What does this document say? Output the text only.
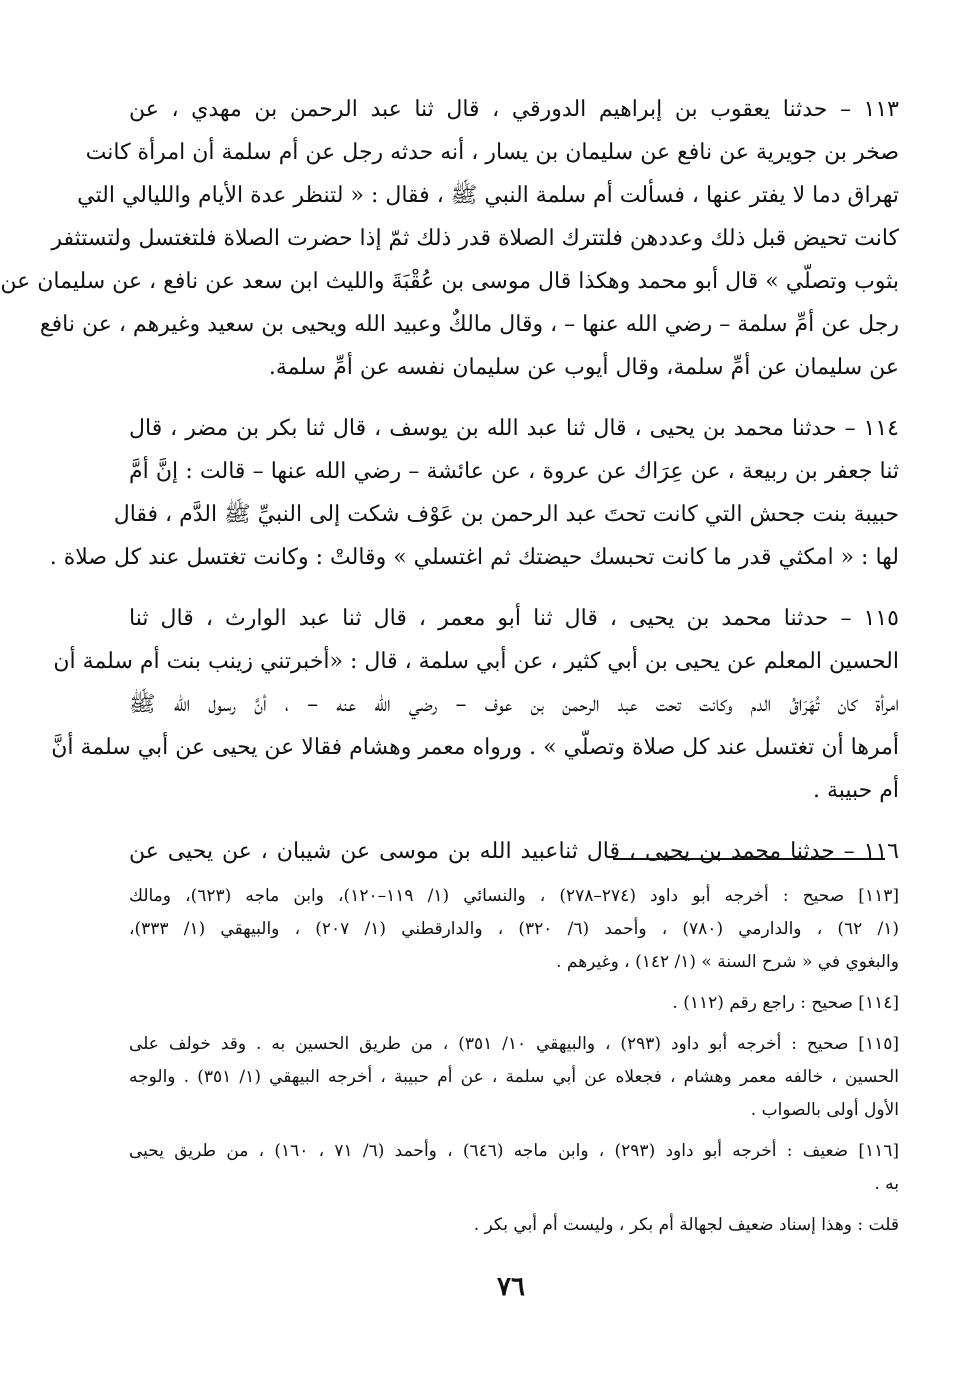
١١٣ – حدثنا يعقوب بن إبراهيم الدورقي ، قال ثنا عبد الرحمن بن مهدي ، عن
صخر بن جويرية عن نافع عن سليمان بن يسار ، أنه حدثه رجل عن أم سلمة أن امرأة كانت
تهراق دما لا يفتر عنها ، فسألت أم سلمة النبي ﷺ ، فقال : « لتنظر عدة الأيام والليالي التي
كانت تحيض قبل ذلك وعددهن فلتترك الصلاة قدر ذلك ثمّ إذا حضرت الصلاة فلتغتسل ولتستثفر
بثوب وتصلّي » قال أبو محمد وهكذا قال موسى بن عُقْبَةَ والليث ابن سعد عن نافع ، عن سليمان عن
رجل عن أمِّ سلمة – رضي الله عنها – ، وقال مالكٌ وعبيد الله ويحيى بن سعيد وغيرهم ، عن نافع
عن سليمان عن أمِّ سلمة، وقال أيوب عن سليمان نفسه عن أمِّ سلمة.
١١٤ – حدثنا محمد بن يحيى ، قال ثنا عبد الله بن يوسف ، قال ثنا بكر بن مضر ، قال
ثنا جعفر بن ربيعة ، عن عِرَاك عن عروة ، عن عائشة – رضي الله عنها – قالت : إنَّ أمَّ
حبيبة بنت جحش التي كانت تحتَ عبد الرحمن بن عَوْف شكت إلى النبيِّ ﷺ الدَّم ، فقال
لها : « امكثي قدر ما كانت تحبسك حيضتك ثم اغتسلي » وقالتْ : وكانت تغتسل عند كل صلاة .
١١٥ – حدثنا محمد بن يحيى ، قال ثنا أبو معمر ، قال ثنا عبد الوارث ، قال ثنا
الحسين المعلم عن يحيى بن أبي كثير ، عن أبي سلمة ، قال : «أخبرتني زينب بنت أم سلمة أن
امرأة كان تُهَرَاقُ الدم وكانت تحت عبد الرحمن بن عوف – رضي الله عنه – ، أنَّ رسول الله ﷺ
أمرها أن تغتسل عند كل صلاة وتصلّي » . ورواه معمر وهشام فقالا عن يحيى عن أبي سلمة أنَّ
أم حبيبة .
١١٦ – حدثنا محمد بن يحيى ، قال ثناعبيد الله بن موسى عن شيبان ، عن يحيى عن
[١١٣] صحيح : أخرجه أبو داود (٢٧٤–٢٧٨) ، والنسائي (١/ ١١٩–١٢٠)، وابن ماجه (٦٢٣)، ومالك
(١/ ٦٢) ، والدارمي (٧٨٠) ، وأحمد (٦/ ٣٢٠) ، والدارقطني (١/ ٢٠٧) ، والبيهقي (١/ ٣٣٣)،
والبغوي في « شرح السنة » (١/ ١٤٢) ، وغيرهم .
[١١٤] صحيح : راجع رقم (١١٢) .
[١١٥] صحيح : أخرجه أبو داود (٢٩٣) ، والبيهقي ١٠/ ٣٥١) ، من طريق الحسين به . وقد خولف على
الحسين ، خالفه معمر وهشام ، فجعلاه عن أبي سلمة ، عن أم حبيبة ، أخرجه البيهقي (١/ ٣٥١) . والوجه
الأول أولى بالصواب .
[١١٦] ضعيف : أخرجه أبو داود (٢٩٣) ، وابن ماجه (٦٤٦) ، وأحمد (٦/ ٧١ ، ١٦٠) ، من طريق يحيى
به .
قلت : وهذا إسناد ضعيف لجهالة أم بكر ، وليست أم أبي بكر .
٧٦
